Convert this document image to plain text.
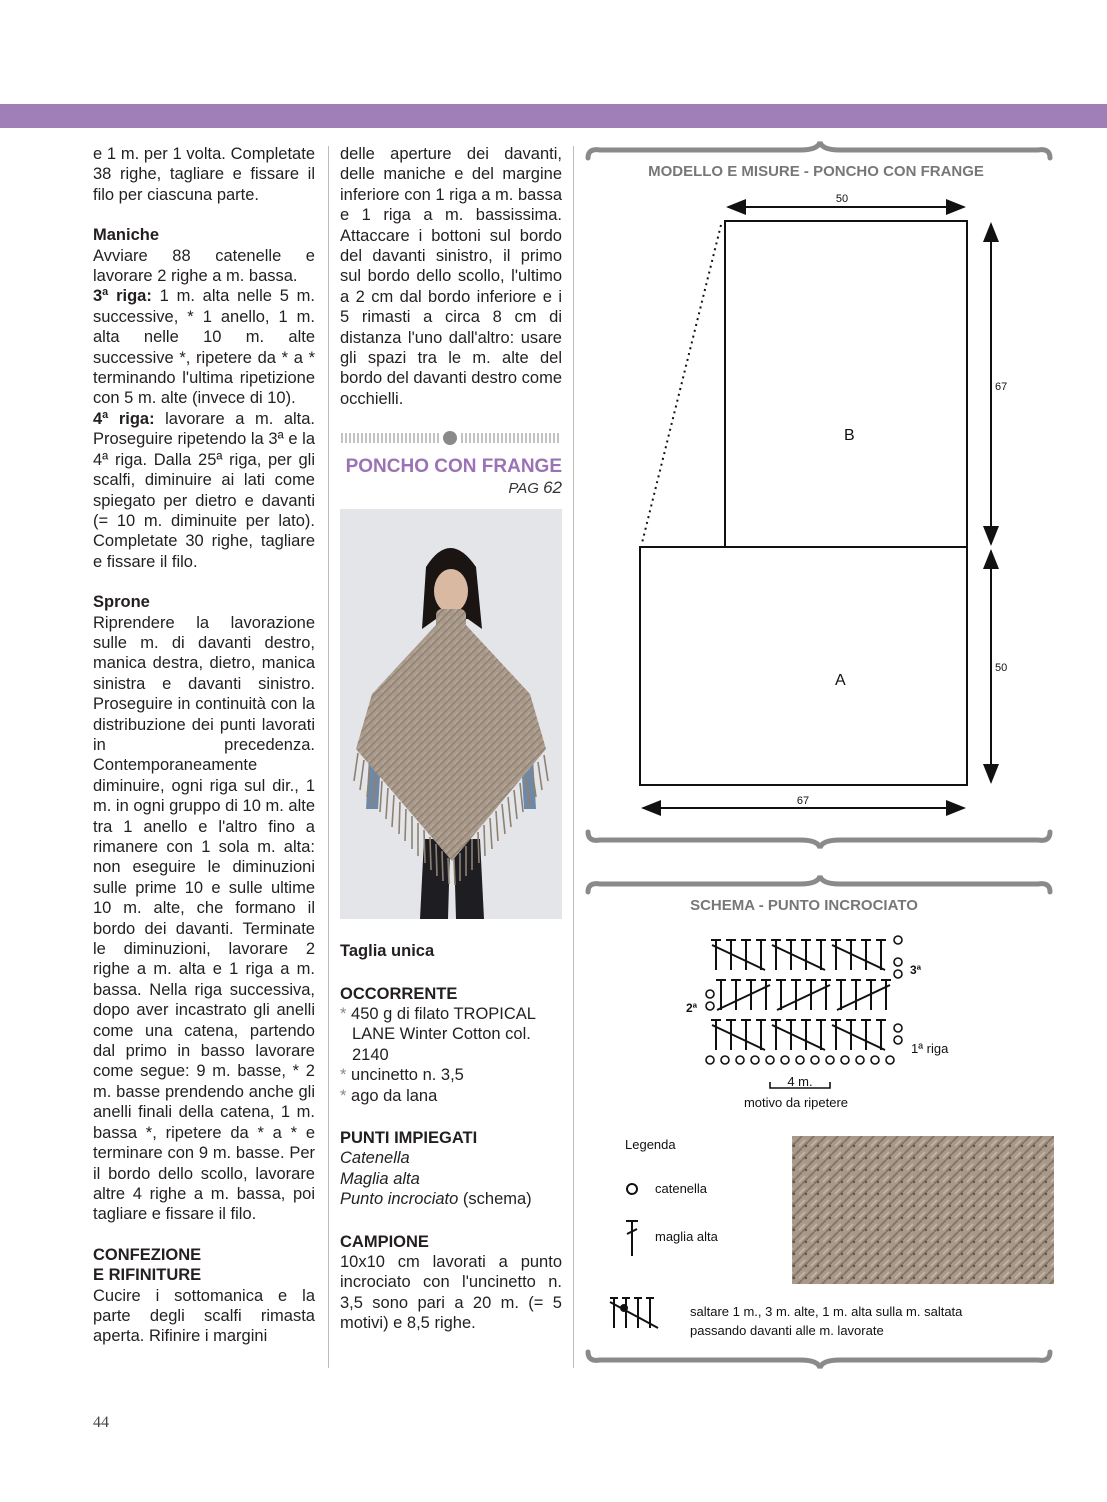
e 1 m. per 1 volta. Completate 38 righe, tagliare e fissare il filo per ciascuna parte.

Maniche

Avviare 88 catenelle e lavorare 2 righe a m. bassa.

3ª riga: 1 m. alta nelle 5 m. successive, * 1 anello, 1 m. alta nelle 10 m. alte successive *, ripetere da * a * terminando l'ultima ripetizione con 5 m. alte (invece di 10).

4ª riga: lavorare a m. alta. Proseguire ripetendo la 3ª e la 4ª riga. Dalla 25ª riga, per gli scalfi, diminuire ai lati come spiegato per dietro e davanti (= 10 m. diminuite per lato). Completate 30 righe, tagliare e fissare il filo.

Sprone

Riprendere la lavorazione sulle m. di davanti destro, manica destra, dietro, manica sinistra e davanti sinistro. Proseguire in continuità con la distribuzione dei punti lavorati in precedenza. Contemporaneamente diminuire, ogni riga sul dir., 1 m. in ogni gruppo di 10 m. alte tra 1 anello e l'altro fino a rimanere con 1 sola m. alta: non eseguire le diminuzioni sulle prime 10 e sulle ultime 10 m. alte, che formano il bordo dei davanti. Terminate le diminuzioni, lavorare 2 righe a m. alta e 1 riga a m. bassa. Nella riga successiva, dopo aver incastrato gli anelli come una catena, partendo dal primo in basso lavorare come segue: 9 m. basse, * 2 m. basse prendendo anche gli anelli finali della catena, 1 m. bassa *, ripetere da * a * e terminare con 9 m. basse. Per il bordo dello scollo, lavorare altre 4 righe a m. bassa, poi tagliare e fissare il filo.

CONFEZIONE
E RIFINITURE

Cucire i sottomanica e la parte degli scalfi rimasta aperta. Rifinire i margini

delle aperture dei davanti, delle maniche e del margine inferiore con 1 riga a m. bassa e 1 riga a m. bassissima. Attaccare i bottoni sul bordo del davanti sinistro, il primo sul bordo dello scollo, l'ultimo a 2 cm dal bordo inferiore e i 5 rimasti a circa 8 cm di distanza l'uno dall'altro: usare gli spazi tra le m. alte del bordo del davanti destro come occhielli.

PONCHO CON FRANGE

PAG 62

Taglia unica

OCCORRENTE

* 450 g di filato TROPICAL LANE Winter Cotton col. 2140

* uncinetto n. 3,5

* ago da lana

PUNTI IMPIEGATI

Catenella

Maglia alta

Punto incrociato (schema)

CAMPIONE

10x10 cm lavorati a punto incrociato con l'uncinetto n. 3,5 sono pari a 20 m. (= 5 motivi) e 8,5 righe.

MODELLO E MISURE - PONCHO CON FRANGE
B
A
50
67
67
50
SCHEMA - PUNTO INCROCIATO
3ª
2ª
1ª riga
4 m.
motivo da ripetere
Legenda
catenella
maglia alta
saltare 1 m., 3 m. alte, 1 m. alta sulla m. saltata
passando davanti alle m. lavorate
44
